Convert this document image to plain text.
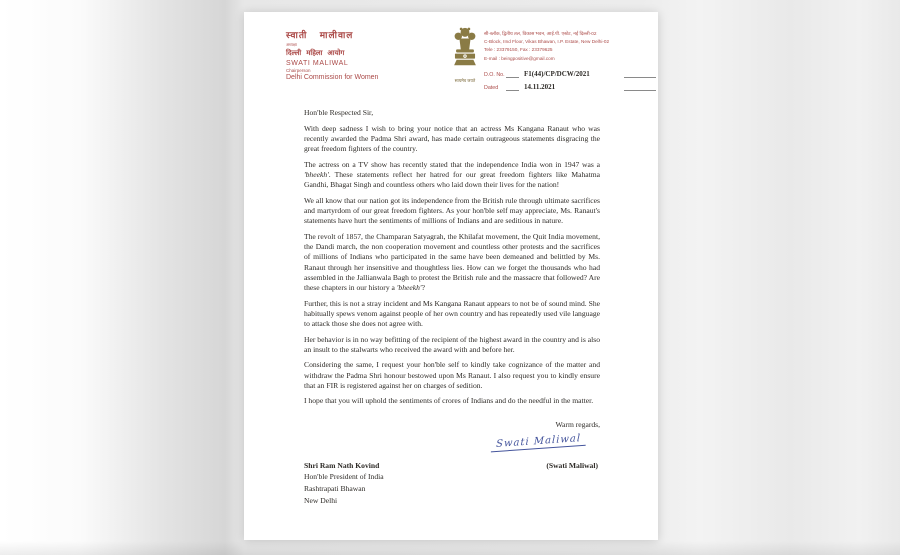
स्वाती मालीवाल
अध्यक्षा
दिल्ली महिला आयोग
SWATI MALIWAL
Chairperson
Delhi Commission for Women	सत्यमेव जयते
सी-ब्लॉक, द्वितीय तल, विकास भवन, आई.पी. एस्टेट, नई दिल्ली-02
C-Block, IInd Floor, Vikas Bhawan, I.P. Estate, New Delhi-02
Tele : 23379150, Fax : 23379625
E-mail : beingpositive@gmail.com
D.O. No.	F1(44)/CP/DCW/2021
Dated	14.11.2021
Hon'ble Respected Sir,

With deep sadness I wish to bring your notice that an actress Ms Kangana Ranaut who was recently awarded the Padma Shri award, has made certain outrageous statements disgracing the great freedom fighters of the country.

The actress on a TV show has recently stated that the independence India won in 1947 was a 'bheekh'. These statements reflect her hatred for our great freedom fighters like Mahatma Gandhi, Bhagat Singh and countless others who laid down their lives for the nation!

We all know that our nation got its independence from the British rule through ultimate sacrifices and martyrdom of our great freedom fighters. As your hon'ble self may appreciate, Ms. Ranaut's statements have hurt the sentiments of millions of Indians and are seditious in nature.

The revolt of 1857, the Champaran Satyagrah, the Khilafat movement, the Quit India movement, the Dandi march, the non cooperation movement and countless other protests and the sacrifices of millions of Indians who participated in the same have been demeaned and belittled by Ms. Ranaut through her insensitive and thoughtless lies. How can we forget the thousands who had assembled in the Jallianwala Bagh to protest the British rule and the massacre that followed? Are these chapters in our history a 'bheekh'?

Further, this is not a stray incident and Ms Kangana Ranaut appears to not be of sound mind. She habitually spews venom against people of her own country and has repeatedly used vile language to attack those she does not agree with.

Her behavior is in no way befitting of the recipient of the highest award in the country and is also an insult to the stalwarts who received the award with and before her.

Considering the same, I request your hon'ble self to kindly take cognizance of the matter and withdraw the Padma Shri honour bestowed upon Ms Ranaut. I also request you to kindly ensure that an FIR is registered against her on charges of sedition.

I hope that you will uphold the sentiments of crores of Indians and do the needful in the matter.

Warm regards,
Swati Maliwal
Shri Ram Nath Kovind
Hon'ble President of India
Rashtrapati Bhawan
New Delhi
(Swati Maliwal)
